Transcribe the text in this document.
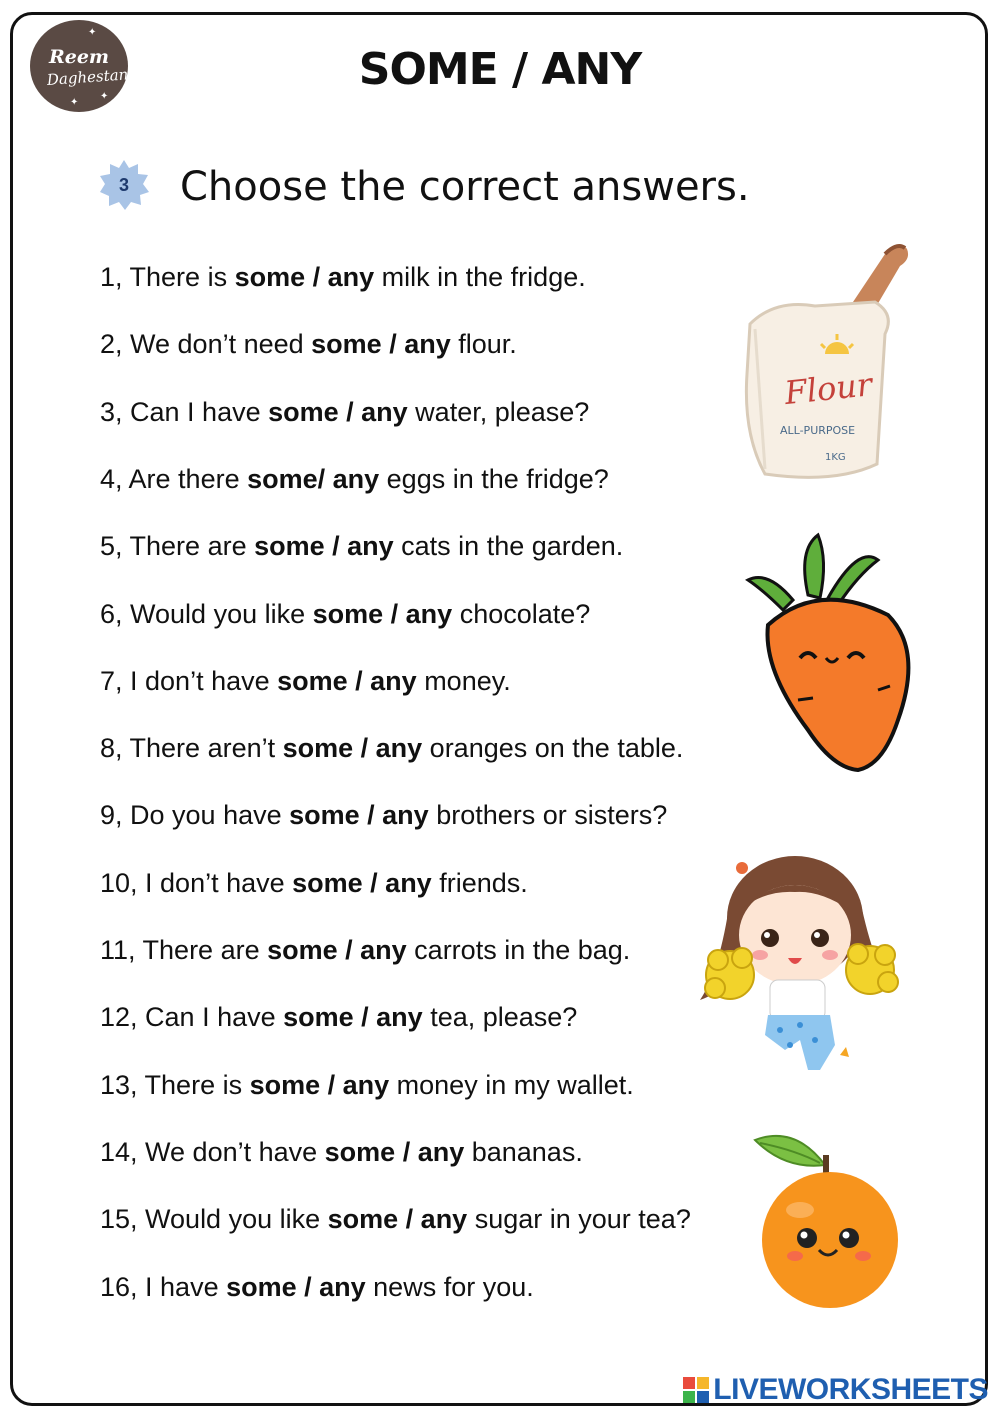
✦
✦
✦
Reem
Daghestani	SOME / ANY
3	Choose the correct answers.
1, There is some / any milk in the fridge.
2, We don’t need some / any flour.
3, Can I have some / any water, please?
4, Are there some/ any eggs in the fridge?
5, There are some / any cats in the garden.
6, Would you like some / any chocolate?
7, I don’t have some / any money.
8, There aren’t some / any oranges on the table.
9, Do you have some / any brothers or sisters?
10, I don’t have some / any friends.
11, There are some / any carrots in the bag.
12, Can I have some / any tea, please?
13, There is some / any money in my wallet.
14, We don’t have some / any bananas.
15, Would you like some / any sugar in your tea?
16, I have some / any news for you.
Flour
ALL-PURPOSE
1KG
LIVEWORKSHEETS
